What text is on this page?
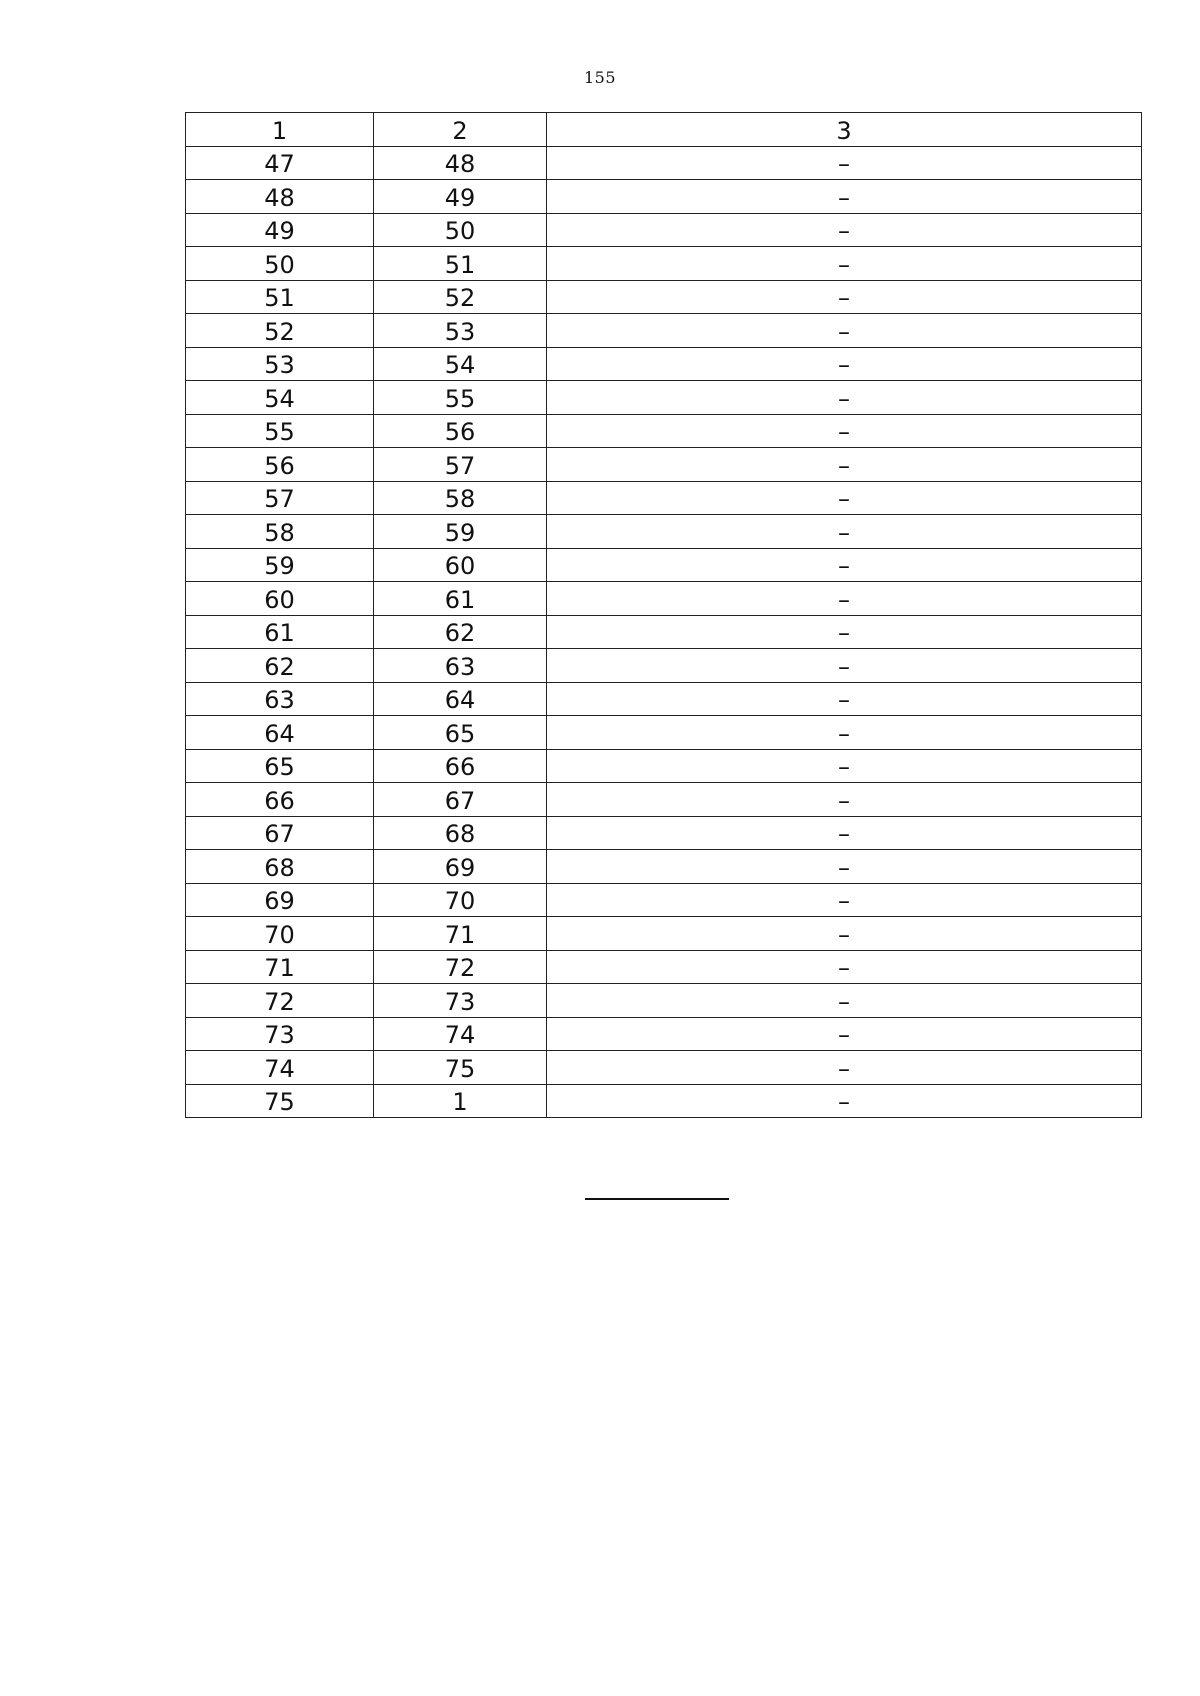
155
1	2	3
47	48	–
48	49	–
49	50	–
50	51	–
51	52	–
52	53	–
53	54	–
54	55	–
55	56	–
56	57	–
57	58	–
58	59	–
59	60	–
60	61	–
61	62	–
62	63	–
63	64	–
64	65	–
65	66	–
66	67	–
67	68	–
68	69	–
69	70	–
70	71	–
71	72	–
72	73	–
73	74	–
74	75	–
75	1	–
